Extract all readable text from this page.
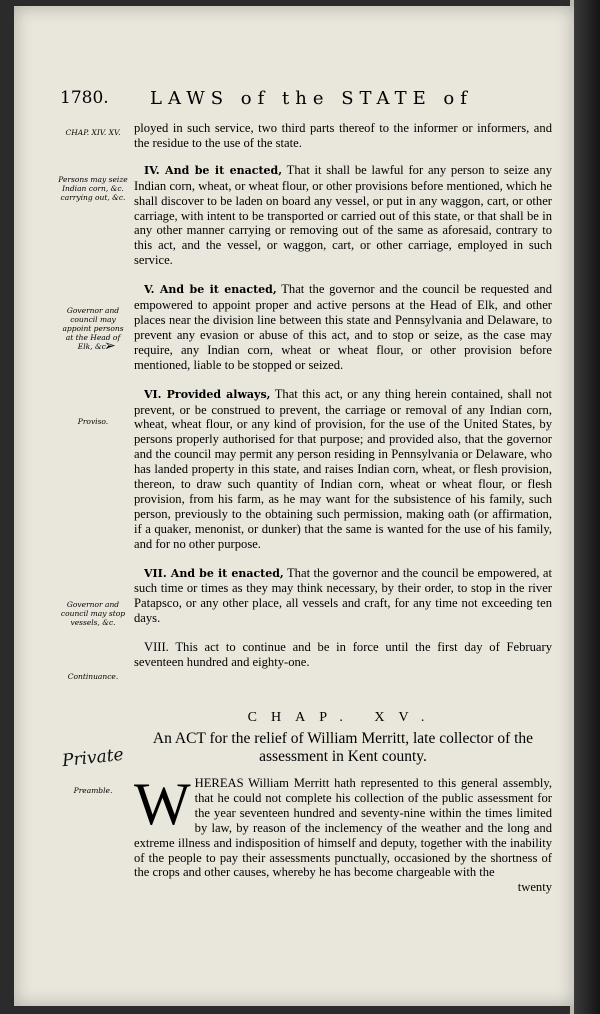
1780. LAWS of the STATE of
CHAP. XIV. XV.
Persons may seize Indian corn, &c. carrying out, &c.
Governor and council may appoint persons at the Head of Elk, &c.
➢
Proviso.
Governor and council may stop vessels, &c.
Continuance.
Private
Preamble.

ployed in such service, two third parts thereof to the informer or informers, and the residue to the use of the state.

IV. And be it enacted, That it shall be lawful for any person to seize any Indian corn, wheat, or wheat flour, or other provisions before mentioned, which he shall discover to be laden on board any vessel, or put in any waggon, cart, or other carriage, with intent to be transported or carried out of this state, or that shall be in any other manner carrying or removing out of the same as aforesaid, contrary to this act, and the vessel, or waggon, cart, or other carriage, employed in such service.

V. And be it enacted, That the governor and the council be requested and empowered to appoint proper and active persons at the Head of Elk, and other places near the division line between this state and Pennsylvania and Delaware, to prevent any evasion or abuse of this act, and to stop or seize, as the case may require, any Indian corn, wheat or wheat flour, or other provision before mentioned, liable to be stopped or seized.

VI. Provided always, That this act, or any thing herein contained, shall not prevent, or be construed to prevent, the carriage or removal of any Indian corn, wheat, wheat flour, or any kind of provision, for the use of the United States, by persons properly authorised for that purpose; and provided also, that the governor and the council may permit any person residing in Pennsylvania or Delaware, who has landed property in this state, and raises Indian corn, wheat, or flesh provision, thereon, to draw such quantity of Indian corn, wheat or wheat flour, or flesh provision, from his farm, as he may want for the subsistence of his family, such person, previously to the obtaining such permission, making oath (or affirmation, if a quaker, menonist, or dunker) that the same is wanted for the use of his family, and for no other purpose.

VII. And be it enacted, That the governor and the council be empowered, at such time or times as they may think necessary, by their order, to stop in the river Patapsco, or any other place, all vessels and craft, for any time not exceeding ten days.

VIII. This act to continue and be in force until the first day of February seventeen hundred and eighty-one.

CHAP. XV.
An ACT for the relief of William Merritt, late collector of the assessment in Kent county.

WHEREAS William Merritt hath represented to this general assembly, that he could not complete his collection of the public assessment for the year seventeen hundred and seventy-nine within the times limited by law, by reason of the inclemency of the weather and the long and extreme illness and indisposition of himself and deputy, together with the inability of the people to pay their assessments punctually, occasioned by the shortness of the crops and other causes, whereby he has become chargeable with the

twenty
